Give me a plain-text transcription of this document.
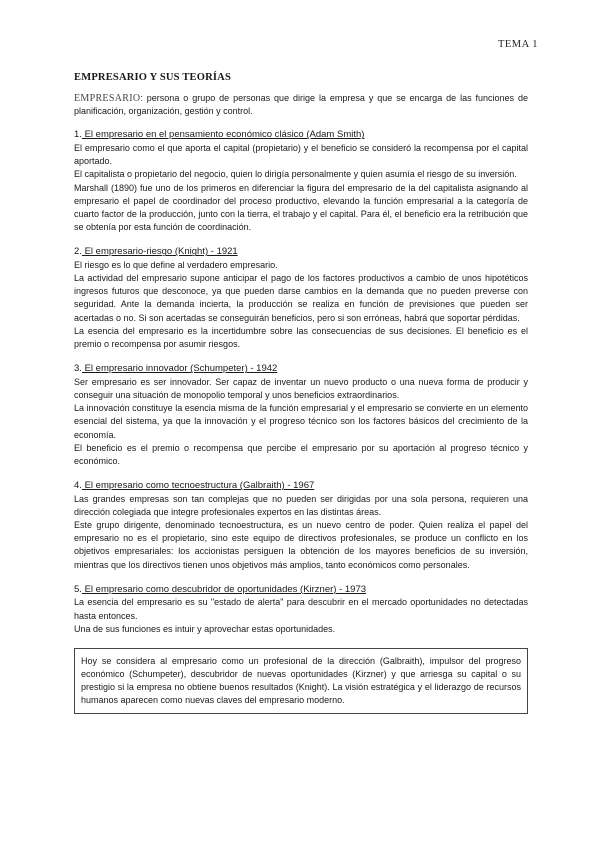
TEMA 1
EMPRESARIO Y SUS TEORÍAS

EMPRESARIO: persona o grupo de personas que dirige la empresa y que se encarga de las funciones de planificación, organización, gestión y control.

1. El empresario en el pensamiento económico clásico (Adam Smith)

El empresario como el que aporta el capital (propietario) y el beneficio se consideró la recompensa por el capital aportado.

El capitalista o propietario del negocio, quien lo dirigía personalmente y quien asumía el riesgo de su inversión.

Marshall (1890) fue uno de los primeros en diferenciar la figura del empresario de la del capitalista asignando al empresario el papel de coordinador del proceso productivo, elevando la función empresarial a la categoría de cuarto factor de la producción, junto con la tierra, el trabajo y el capital. Para él, el beneficio era la retribución que se obtenía por esta función de coordinación.

2. El empresario-riesgo (Knight) - 1921

El riesgo es lo que define al verdadero empresario.

La actividad del empresario supone anticipar el pago de los factores productivos a cambio de unos hipotéticos ingresos futuros que desconoce, ya que pueden darse cambios en la demanda que no pueden preverse con seguridad. Ante la demanda incierta, la producción se realiza en función de previsiones que pueden ser acertadas o no. Si son acertadas se conseguirán beneficios, pero si son erróneas, habrá que soportar pérdidas.

La esencia del empresario es la incertidumbre sobre las consecuencias de sus decisiones. El beneficio es el premio o recompensa por asumir riesgos.

3. El empresario innovador (Schumpeter) - 1942

Ser empresario es ser innovador. Ser capaz de inventar un nuevo producto o una nueva forma de producir y conseguir una situación de monopolio temporal y unos beneficios extraordinarios.

La innovación constituye la esencia misma de la función empresarial y el empresario se convierte en un elemento esencial del sistema, ya que la innovación y el progreso técnico son los factores básicos del crecimiento de la economía.

El beneficio es el premio o recompensa que percibe el empresario por su aportación al progreso técnico y económico.

4. El empresario como tecnoestructura (Galbraith) - 1967

Las grandes empresas son tan complejas que no pueden ser dirigidas por una sola persona, requieren una dirección colegiada que integre profesionales expertos en las distintas áreas.

Este grupo dirigente, denominado tecnoestructura, es un nuevo centro de poder. Quien realiza el papel del empresario no es el propietario, sino este equipo de directivos profesionales, se produce un conflicto en los objetivos empresariales: los accionistas persiguen la obtención de los mayores beneficios de su inversión, mientras que los directivos tienen unos objetivos más amplios, tanto económicos como personales.

5. El empresario como descubridor de oportunidades (Kirzner) - 1973

La esencia del empresario es su "estado de alerta" para descubrir en el mercado oportunidades no detectadas hasta entonces.

Una de sus funciones es intuir y aprovechar estas oportunidades.

Hoy se considera al empresario como un profesional de la dirección (Galbraith), impulsor del progreso económico (Schumpeter), descubridor de nuevas oportunidades (Kirzner) y que arriesga su capital o su prestigio si la empresa no obtiene buenos resultados (Knight). La visión estratégica y el liderazgo de recursos humanos aparecen como nuevas claves del empresario moderno.
